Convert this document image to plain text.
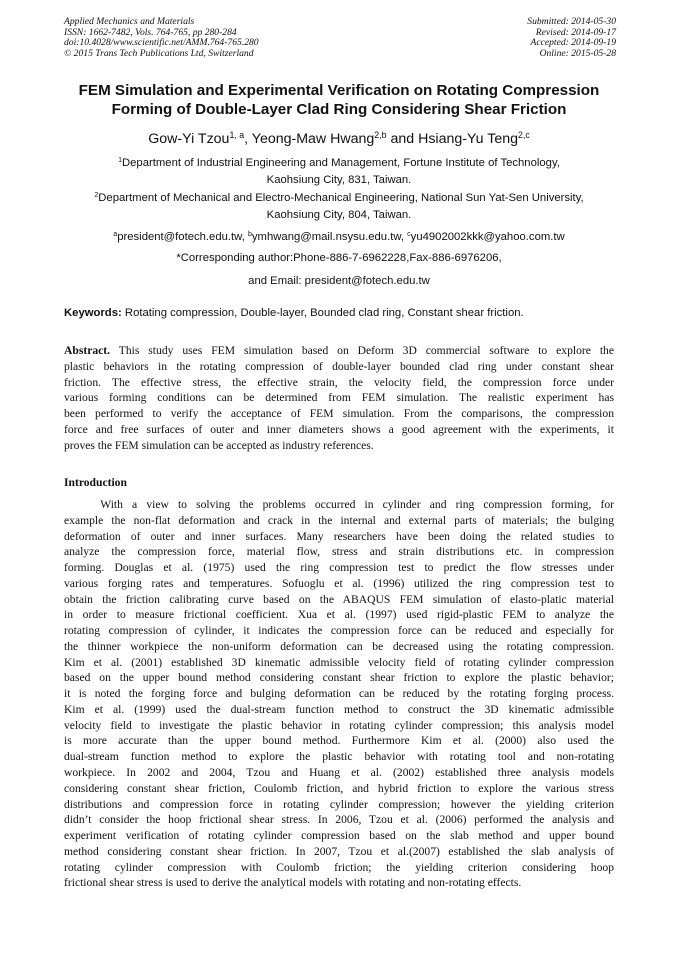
Applied Mechanics and Materials
ISSN: 1662-7482, Vols. 764-765, pp 280-284
doi:10.4028/www.scientific.net/AMM.764-765.280
© 2015 Trans Tech Publications Ltd, Switzerland
Submitted: 2014-05-30
Revised: 2014-09-17
Accepted: 2014-09-19
Online: 2015-05-28
FEM Simulation and Experimental Verification on Rotating Compression
Forming of Double-Layer Clad Ring Considering Shear Friction
Gow-Yi Tzou$^{1, a}$, Yeong-Maw Hwang$^{2,b}$ and Hsiang-Yu Teng$^{2,c}$
$^1$Department of Industrial Engineering and Management, Fortune Institute of Technology,
Kaohsiung City, 831, Taiwan.
$^2$Department of Mechanical and Electro-Mechanical Engineering, National Sun Yat-Sen University,
Kaohsiung City, 804, Taiwan.
$^a$president@fotech.edu.tw, $^b$ymhwang@mail.nsysu.edu.tw, $^c$yu4902002kkk@yahoo.com.tw
*Corresponding author:Phone-886-7-6962228,Fax-886-6976206,
and Email: president@fotech.edu.tw
Keywords: Rotating compression, Double-layer, Bounded clad ring, Constant shear friction.
Abstract. This study uses FEM simulation based on Deform 3D commercial software to explore the
plastic behaviors in the rotating compression of double-layer bounded clad ring under constant shear
friction. The effective stress, the effective strain, the velocity field, the compression force under
various forming conditions can be determined from FEM simulation. The realistic experiment has
been performed to verify the acceptance of FEM simulation. From the comparisons, the compression
force and free surfaces of outer and inner diameters shows a good agreement with the experiments, it
proves the FEM simulation can be accepted as industry references.
Introduction
With a view to solving the problems occurred in cylinder and ring compression forming, for
example the non-flat deformation and crack in the internal and external parts of materials; the bulging
deformation of outer and inner surfaces. Many researchers have been doing the related studies to
analyze the compression force, material flow, stress and strain distributions etc. in compression
forming. Douglas et al. (1975) used the ring compression test to predict the flow stresses under
various forging rates and temperatures. Sofuoglu et al. (1996) utilized the ring compression test to
obtain the friction calibrating curve based on the ABAQUS FEM simulation of elasto-platic material
in order to measure frictional coefficient. Xua et al. (1997) used rigid-plastic FEM to analyze the
rotating compression of cylinder, it indicates the compression force can be reduced and especially for
the thinner workpiece the non-uniform deformation can be decreased using the rotating compression.
Kim et al. (2001) established 3D kinematic admissible velocity field of rotating cylinder compression
based on the upper bound method considering constant shear friction to explore the plastic behavior;
it is noted the forging force and bulging deformation can be reduced by the rotating forging process.
Kim et al. (1999) used the dual-stream function method to construct the 3D kinematic admissible
velocity field to investigate the plastic behavior in rotating cylinder compression; this analysis model
is more accurate than the upper bound method. Furthermore Kim et al. (2000) also used the
dual-stream function method to explore the plastic behavior with rotating tool and non-rotating
workpiece. In 2002 and 2004, Tzou and Huang et al. (2002) established three analysis models
considering constant shear friction, Coulomb friction, and hybrid friction to explore the various stress
distributions and compression force in rotating cylinder compression; however the yielding criterion
didn’t consider the hoop frictional shear stress. In 2006, Tzou et al. (2006) performed the analysis and
experiment verification of rotating cylinder compression based on the slab method and upper bound
method considering constant shear friction. In 2007, Tzou et al.(2007) established the slab analysis of
rotating cylinder compression with Coulomb friction; the yielding criterion considering hoop
frictional shear stress is used to derive the analytical models with rotating and non-rotating effects.
